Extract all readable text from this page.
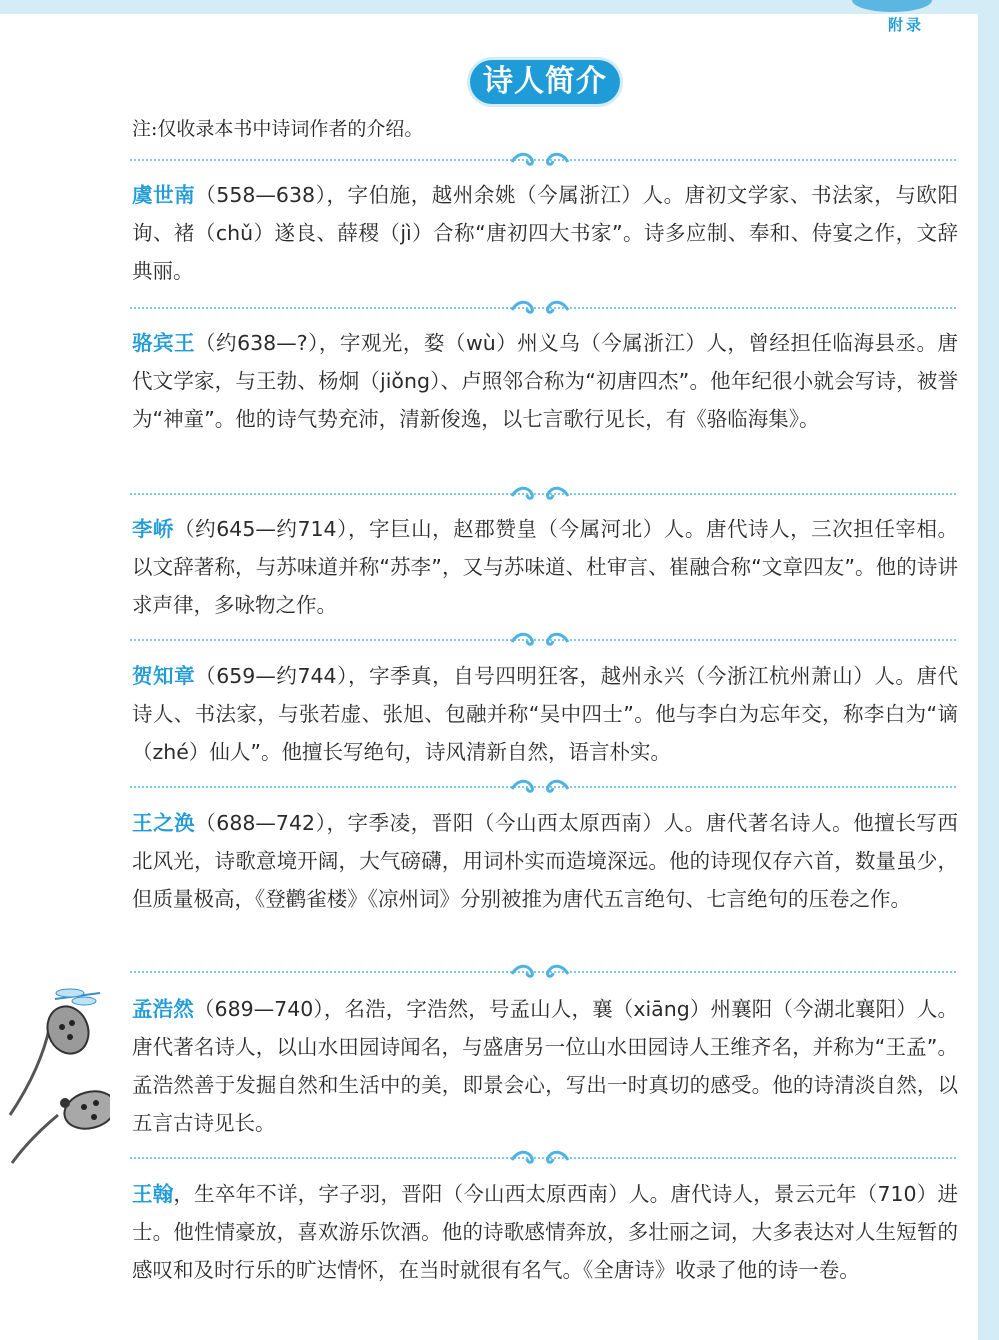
附录
诗人简介
注:仅收录本书中诗词作者的介绍。
虞世南（558—638），字伯施，越州余姚（今属浙江）人。唐初文学家、书法家，与欧阳询、褚（chǔ）遂良、薛稷（jì）合称“唐初四大书家”。诗多应制、奉和、侍宴之作，文辞典丽。
骆宾王（约638—?），字观光，婺（wù）州义乌（今属浙江）人，曾经担任临海县丞。唐代文学家，与王勃、杨炯（jiǒng）、卢照邻合称为“初唐四杰”。他年纪很小就会写诗，被誉为“神童”。他的诗气势充沛，清新俊逸，以七言歌行见长，有《骆临海集》。
李峤（约645—约714），字巨山，赵郡赞皇（今属河北）人。唐代诗人，三次担任宰相。以文辞著称，与苏味道并称“苏李”，又与苏味道、杜审言、崔融合称“文章四友”。他的诗讲求声律，多咏物之作。
贺知章（659—约744），字季真，自号四明狂客，越州永兴（今浙江杭州萧山）人。唐代诗人、书法家，与张若虚、张旭、包融并称“吴中四士”。他与李白为忘年交，称李白为“谪（zhé）仙人”。他擅长写绝句，诗风清新自然，语言朴实。
王之涣（688—742），字季凌，晋阳（今山西太原西南）人。唐代著名诗人。他擅长写西北风光，诗歌意境开阔，大气磅礴，用词朴实而造境深远。他的诗现仅存六首，数量虽少，但质量极高，《登鹳雀楼》《凉州词》分别被推为唐代五言绝句、七言绝句的压卷之作。
孟浩然（689—740），名浩，字浩然，号孟山人，襄（xiāng）州襄阳（今湖北襄阳）人。唐代著名诗人，以山水田园诗闻名，与盛唐另一位山水田园诗人王维齐名，并称为“王孟”。孟浩然善于发掘自然和生活中的美，即景会心，写出一时真切的感受。他的诗清淡自然，以五言古诗见长。
王翰，生卒年不详，字子羽，晋阳（今山西太原西南）人。唐代诗人，景云元年（710）进士。他性情豪放，喜欢游乐饮酒。他的诗歌感情奔放，多壮丽之词，大多表达对人生短暂的感叹和及时行乐的旷达情怀，在当时就很有名气。《全唐诗》收录了他的诗一卷。
